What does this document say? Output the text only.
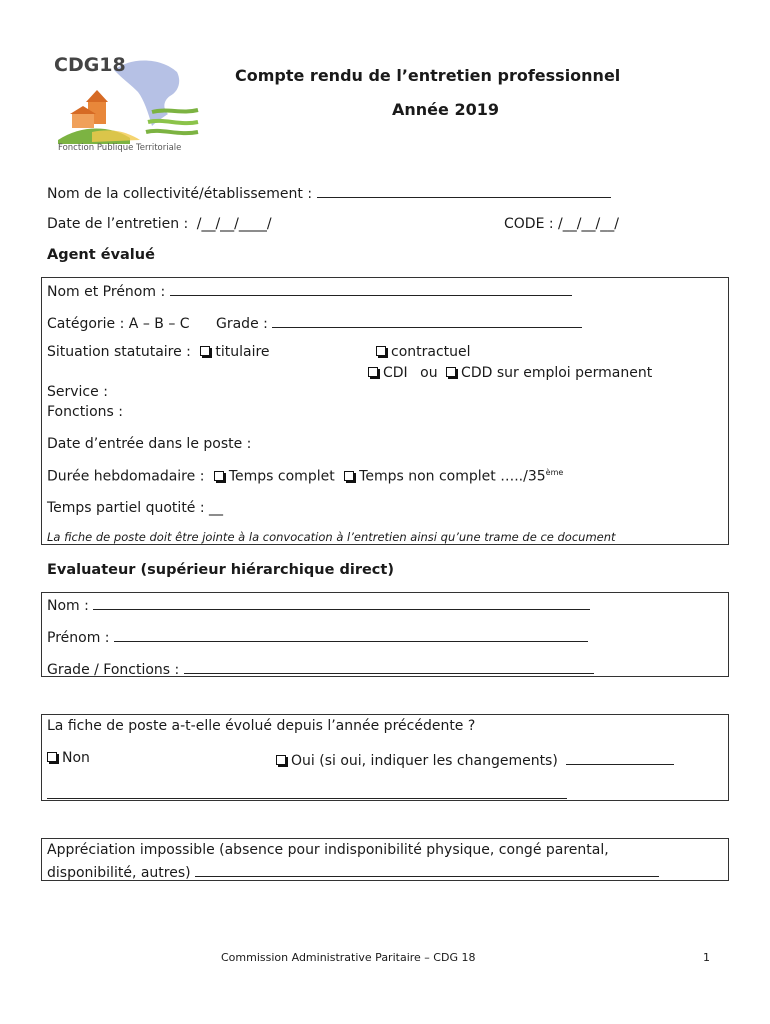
CDG18
Fonction Publique Territoriale
Compte rendu de l’entretien professionnel
Année 2019
Nom de la collectivité/établissement :
Date de l’entretien : /__/__/____/	CODE : /__/__/__/
Agent évalué
Nom et Prénom :
Catégorie : A – B – C Grade :
Situation statutaire : titulaire	contractuel
CDI ou CDD sur emploi permanent
Service :
Fonctions :
Date d’entrée dans le poste :
Durée hebdomadaire : Temps complet Temps non complet …../35ème
Temps partiel quotité : __
La fiche de poste doit être jointe à la convocation à l’entretien ainsi qu’une trame de ce document
Evaluateur (supérieur hiérarchique direct)
Nom :
Prénom :
Grade / Fonctions :
La fiche de poste a-t-elle évolué depuis l’année précédente ?
Non	Oui (si oui, indiquer les changements)
Appréciation impossible (absence pour indisponibilité physique, congé parental,
disponibilité, autres)
Commission Administrative Paritaire – CDG 18	1
